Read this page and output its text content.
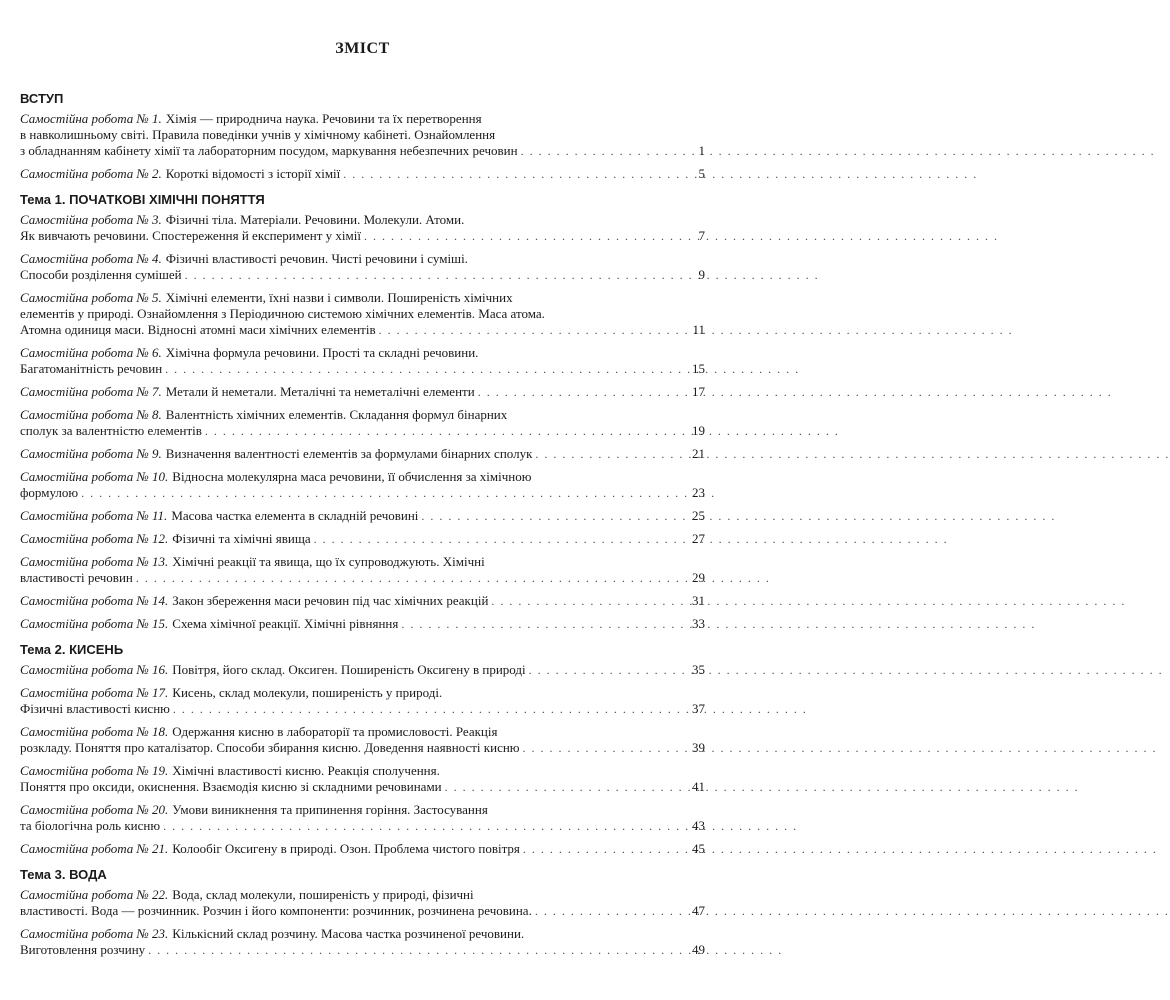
ЗМІСТ
ВСТУП
Самостійна робота № 1. Хімія — природнича наука. Речовини та їх перетворення
в навколишньому світі. Правила поведінки учнів у хімічному кабінеті. Ознайомлення
з обладнанням кабінету хімії та лабораторним посудом, маркування небезпечних речовин . . .	1
Самостійна робота № 2. Короткі відомості з історії хімії . . .	5
Тема 1. ПОЧАТКОВІ ХІМІЧНІ ПОНЯТТЯ
Самостійна робота № 3. Фізичні тіла. Матеріали. Речовини. Молекули. Атоми.
Як вивчають речовини. Спостереження й експеримент у хімії . . .	7
Самостійна робота № 4. Фізичні властивості речовин. Чисті речовини і суміші.
Способи розділення сумішей . . .	9
Самостійна робота № 5. Хімічні елементи, їхні назви і символи. Поширеність хімічних
елементів у природі. Ознайомлення з Періодичною системою хімічних елементів. Маса атома.
Атомна одиниця маси. Відносні атомні маси хімічних елементів . . .	11
Самостійна робота № 6. Хімічна формула речовини. Прості та складні речовини.
Багатоманітність речовин . . .	15
Самостійна робота № 7. Метали й неметали. Металічні та неметалічні елементи . . .	17
Самостійна робота № 8. Валентність хімічних елементів. Складання формул бінарних
сполук за валентністю елементів . . .	19
Самостійна робота № 9. Визначення валентності елементів за формулами бінарних сполук . . .	21
Самостійна робота № 10. Відносна молекулярна маса речовини, її обчислення за хімічною
формулою . . .	23
Самостійна робота № 11. Масова частка елемента в складній речовині . . .	25
Самостійна робота № 12. Фізичні та хімічні явища . . .	27
Самостійна робота № 13. Хімічні реакції та явища, що їх супроводжують. Хімічні
властивості речовин . . .	29
Самостійна робота № 14. Закон збереження маси речовин під час хімічних реакцій . . .	31
Самостійна робота № 15. Схема хімічної реакції. Хімічні рівняння . . .	33
Тема 2. КИСЕНЬ
Самостійна робота № 16. Повітря, його склад. Оксиген. Поширеність Оксигену в природі . . .	35
Самостійна робота № 17. Кисень, склад молекули, поширеність у природі.
Фізичні властивості кисню . . .	37
Самостійна робота № 18. Одержання кисню в лабораторії та промисловості. Реакція
розкладу. Поняття про каталізатор. Способи збирання кисню. Доведення наявності кисню . . .	39
Самостійна робота № 19. Хімічні властивості кисню. Реакція сполучення.
Поняття про оксиди, окиснення. Взаємодія кисню зі складними речовинами . . .	41
Самостійна робота № 20. Умови виникнення та припинення горіння. Застосування
та біологічна роль кисню . . .	43
Самостійна робота № 21. Колообіг Оксигену в природі. Озон. Проблема чистого повітря . . .	45
Тема 3. ВОДА
Самостійна робота № 22. Вода, склад молекули, поширеність у природі, фізичні
властивості. Вода — розчинник. Розчин і його компоненти: розчинник, розчинена речовина. . . .	47
Самостійна робота № 23. Кількісний склад розчину. Масова частка розчиненої речовини.
Виготовлення розчину . . .	49
